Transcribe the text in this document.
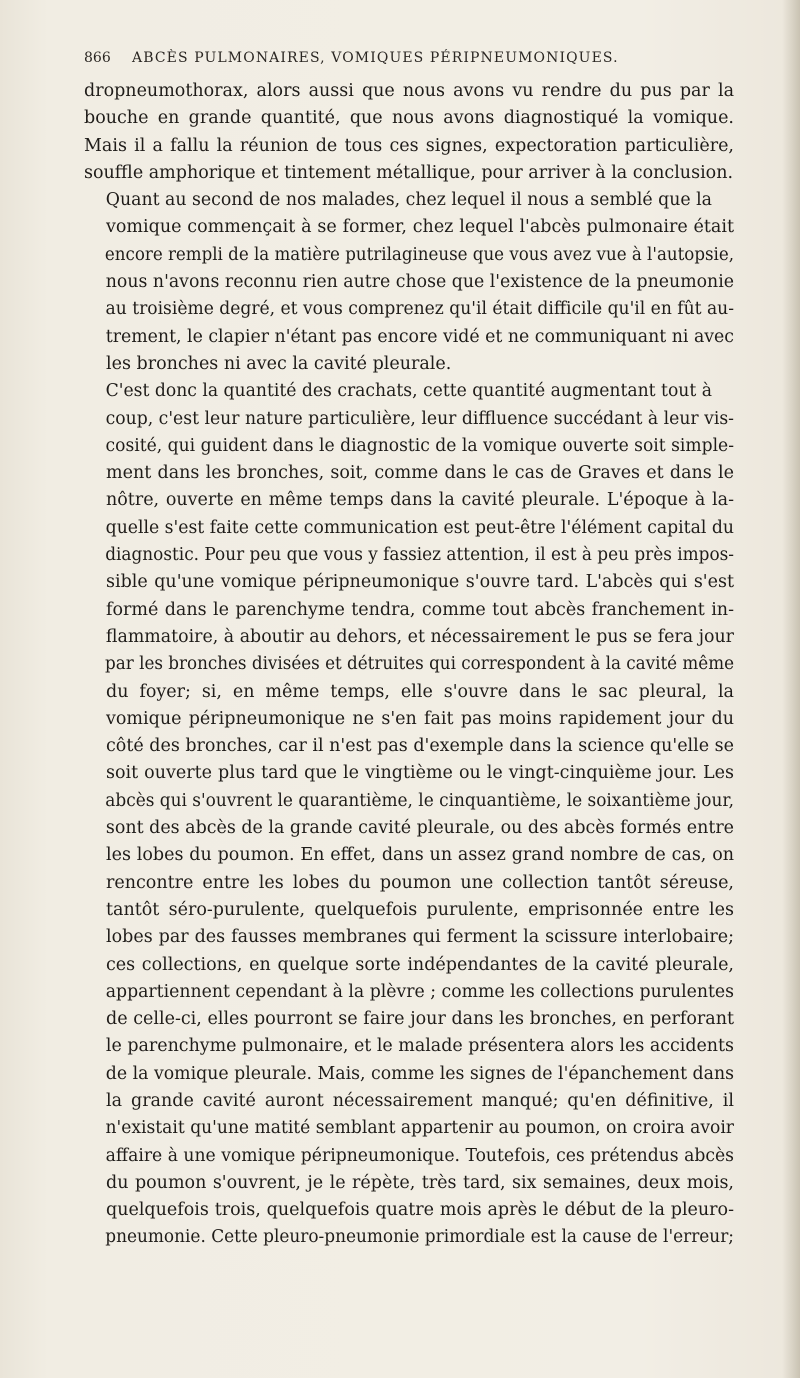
866 ABCÈS PULMONAIRES, VOMIQUES PÉRIPNEUMONIQUES.

dropneumothorax, alors aussi que nous avons vu rendre du pus par la
bouche en grande quantité, que nous avons diagnostiqué la vomique.
Mais il a fallu la réunion de tous ces signes, expectoration particulière,
souffle amphorique et tintement métallique, pour arriver à la conclusion.

Quant au second de nos malades, chez lequel il nous a semblé que la
vomique commençait à se former, chez lequel l'abcès pulmonaire était
encore rempli de la matière putrilagineuse que vous avez vue à l'autopsie,
nous n'avons reconnu rien autre chose que l'existence de la pneumonie
au troisième degré, et vous comprenez qu'il était difficile qu'il en fût au-
trement, le clapier n'étant pas encore vidé et ne communiquant ni avec
les bronches ni avec la cavité pleurale.

C'est donc la quantité des crachats, cette quantité augmentant tout à
coup, c'est leur nature particulière, leur diffluence succédant à leur vis-
cosité, qui guident dans le diagnostic de la vomique ouverte soit simple-
ment dans les bronches, soit, comme dans le cas de Graves et dans le
nôtre, ouverte en même temps dans la cavité pleurale. L'époque à la-
quelle s'est faite cette communication est peut-être l'élément capital du
diagnostic. Pour peu que vous y fassiez attention, il est à peu près impos-
sible qu'une vomique péripneumonique s'ouvre tard. L'abcès qui s'est
formé dans le parenchyme tendra, comme tout abcès franchement in-
flammatoire, à aboutir au dehors, et nécessairement le pus se fera jour
par les bronches divisées et détruites qui correspondent à la cavité même
du foyer; si, en même temps, elle s'ouvre dans le sac pleural, la
vomique péripneumonique ne s'en fait pas moins rapidement jour du
côté des bronches, car il n'est pas d'exemple dans la science qu'elle se
soit ouverte plus tard que le vingtième ou le vingt-cinquième jour. Les
abcès qui s'ouvrent le quarantième, le cinquantième, le soixantième jour,
sont des abcès de la grande cavité pleurale, ou des abcès formés entre
les lobes du poumon. En effet, dans un assez grand nombre de cas, on
rencontre entre les lobes du poumon une collection tantôt séreuse,
tantôt séro-purulente, quelquefois purulente, emprisonnée entre les
lobes par des fausses membranes qui ferment la scissure interlobaire;
ces collections, en quelque sorte indépendantes de la cavité pleurale,
appartiennent cependant à la plèvre ; comme les collections purulentes
de celle-ci, elles pourront se faire jour dans les bronches, en perforant
le parenchyme pulmonaire, et le malade présentera alors les accidents
de la vomique pleurale. Mais, comme les signes de l'épanchement dans
la grande cavité auront nécessairement manqué; qu'en définitive, il
n'existait qu'une matité semblant appartenir au poumon, on croira avoir
affaire à une vomique péripneumonique. Toutefois, ces prétendus abcès
du poumon s'ouvrent, je le répète, très tard, six semaines, deux mois,
quelquefois trois, quelquefois quatre mois après le début de la pleuro-
pneumonie. Cette pleuro-pneumonie primordiale est la cause de l'erreur;
